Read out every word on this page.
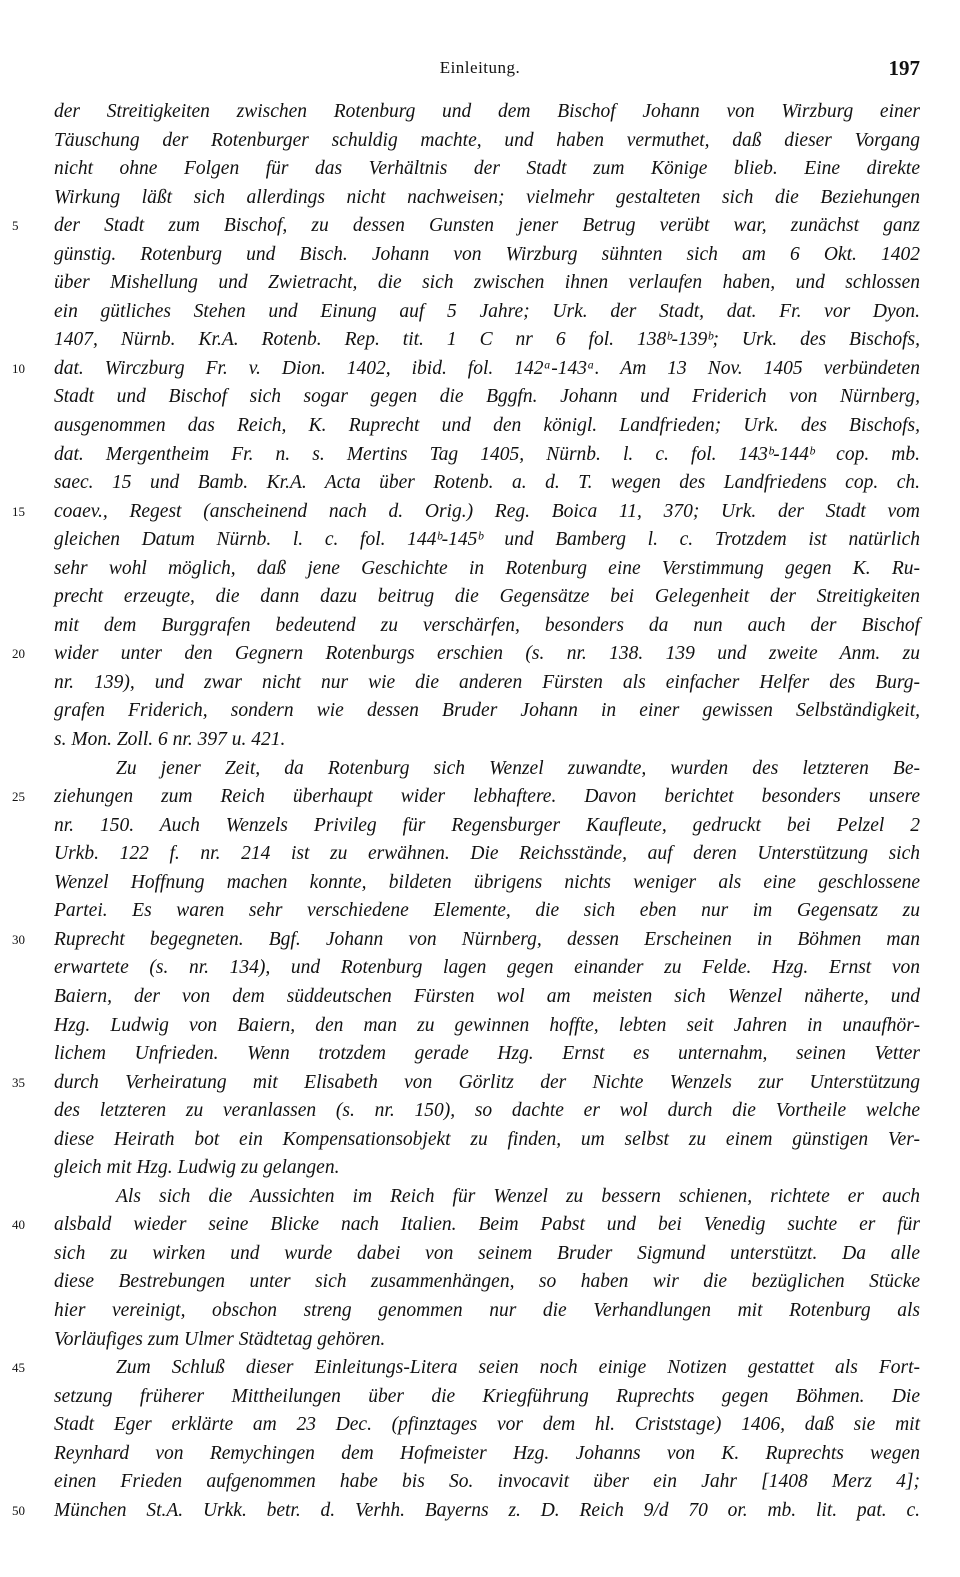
Einleitung.	197
der Streitigkeiten zwischen Rotenburg und dem Bischof Johann von Wirzburg einer
Täuschung der Rotenburger schuldig machte, und haben vermuthet, daß dieser Vorgang
nicht ohne Folgen für das Verhältnis der Stadt zum Könige blieb. Eine direkte
Wirkung läßt sich allerdings nicht nachweisen; vielmehr gestalteten sich die Beziehungen
5	der Stadt zum Bischof, zu dessen Gunsten jener Betrug verübt war, zunächst ganz
günstig. Rotenburg und Bisch. Johann von Wirzburg sühnten sich am 6 Okt. 1402
über Mishellung und Zwietracht, die sich zwischen ihnen verlaufen haben, und schlossen
ein gütliches Stehen und Einung auf 5 Jahre; Urk. der Stadt, dat. Fr. vor Dyon.
1407, Nürnb. Kr.A. Rotenb. Rep. tit. 1 C nr 6 fol. 138ᵇ-139ᵇ; Urk. des Bischofs,
10	dat. Wirczburg Fr. v. Dion. 1402, ibid. fol. 142ᵃ-143ᵃ. Am 13 Nov. 1405 verbündeten
Stadt und Bischof sich sogar gegen die Bggfn. Johann und Friderich von Nürnberg,
ausgenommen das Reich, K. Ruprecht und den königl. Landfrieden; Urk. des Bischofs,
dat. Mergentheim Fr. n. s. Mertins Tag 1405, Nürnb. l. c. fol. 143ᵇ-144ᵇ cop. mb.
saec. 15 und Bamb. Kr.A. Acta über Rotenb. a. d. T. wegen des Landfriedens cop. ch.
15	coaev., Regest (anscheinend nach d. Orig.) Reg. Boica 11, 370; Urk. der Stadt vom
gleichen Datum Nürnb. l. c. fol. 144ᵇ-145ᵇ und Bamberg l. c. Trotzdem ist natürlich
sehr wohl möglich, daß jene Geschichte in Rotenburg eine Verstimmung gegen K. Ru-
precht erzeugte, die dann dazu beitrug die Gegensätze bei Gelegenheit der Streitigkeiten
mit dem Burggrafen bedeutend zu verschärfen, besonders da nun auch der Bischof
20	wider unter den Gegnern Rotenburgs erschien (s. nr. 138. 139 und zweite Anm. zu
nr. 139), und zwar nicht nur wie die anderen Fürsten als einfacher Helfer des Burg-
grafen Friderich, sondern wie dessen Bruder Johann in einer gewissen Selbständigkeit,
s. Mon. Zoll. 6 nr. 397 u. 421.
Zu jener Zeit, da Rotenburg sich Wenzel zuwandte, wurden des letzteren Be-
25	ziehungen zum Reich überhaupt wider lebhaftere. Davon berichtet besonders unsere
nr. 150. Auch Wenzels Privileg für Regensburger Kaufleute, gedruckt bei Pelzel 2
Urkb. 122 f. nr. 214 ist zu erwähnen. Die Reichsstände, auf deren Unterstützung sich
Wenzel Hoffnung machen konnte, bildeten übrigens nichts weniger als eine geschlossene
Partei. Es waren sehr verschiedene Elemente, die sich eben nur im Gegensatz zu
30	Ruprecht begegneten. Bgf. Johann von Nürnberg, dessen Erscheinen in Böhmen man
erwartete (s. nr. 134), und Rotenburg lagen gegen einander zu Felde. Hzg. Ernst von
Baiern, der von dem süddeutschen Fürsten wol am meisten sich Wenzel näherte, und
Hzg. Ludwig von Baiern, den man zu gewinnen hoffte, lebten seit Jahren in unaufhör-
lichem Unfrieden. Wenn trotzdem gerade Hzg. Ernst es unternahm, seinen Vetter
35	durch Verheiratung mit Elisabeth von Görlitz der Nichte Wenzels zur Unterstützung
des letzteren zu veranlassen (s. nr. 150), so dachte er wol durch die Vortheile welche
diese Heirath bot ein Kompensationsobjekt zu finden, um selbst zu einem günstigen Ver-
gleich mit Hzg. Ludwig zu gelangen.
Als sich die Aussichten im Reich für Wenzel zu bessern schienen, richtete er auch
40	alsbald wieder seine Blicke nach Italien. Beim Pabst und bei Venedig suchte er für
sich zu wirken und wurde dabei von seinem Bruder Sigmund unterstützt. Da alle
diese Bestrebungen unter sich zusammenhängen, so haben wir die bezüglichen Stücke
hier vereinigt, obschon streng genommen nur die Verhandlungen mit Rotenburg als
Vorläufiges zum Ulmer Städtetag gehören.
45	Zum Schluß dieser Einleitungs-Litera seien noch einige Notizen gestattet als Fort-
setzung früherer Mittheilungen über die Kriegführung Ruprechts gegen Böhmen. Die
Stadt Eger erklärte am 23 Dec. (pfinztages vor dem hl. Criststage) 1406, daß sie mit
Reynhard von Remychingen dem Hofmeister Hzg. Johanns von K. Ruprechts wegen
einen Frieden aufgenommen habe bis So. invocavit über ein Jahr [1408 Merz 4];
50	München St.A. Urkk. betr. d. Verhh. Bayerns z. D. Reich 9/d 70 or. mb. lit. pat. c.
